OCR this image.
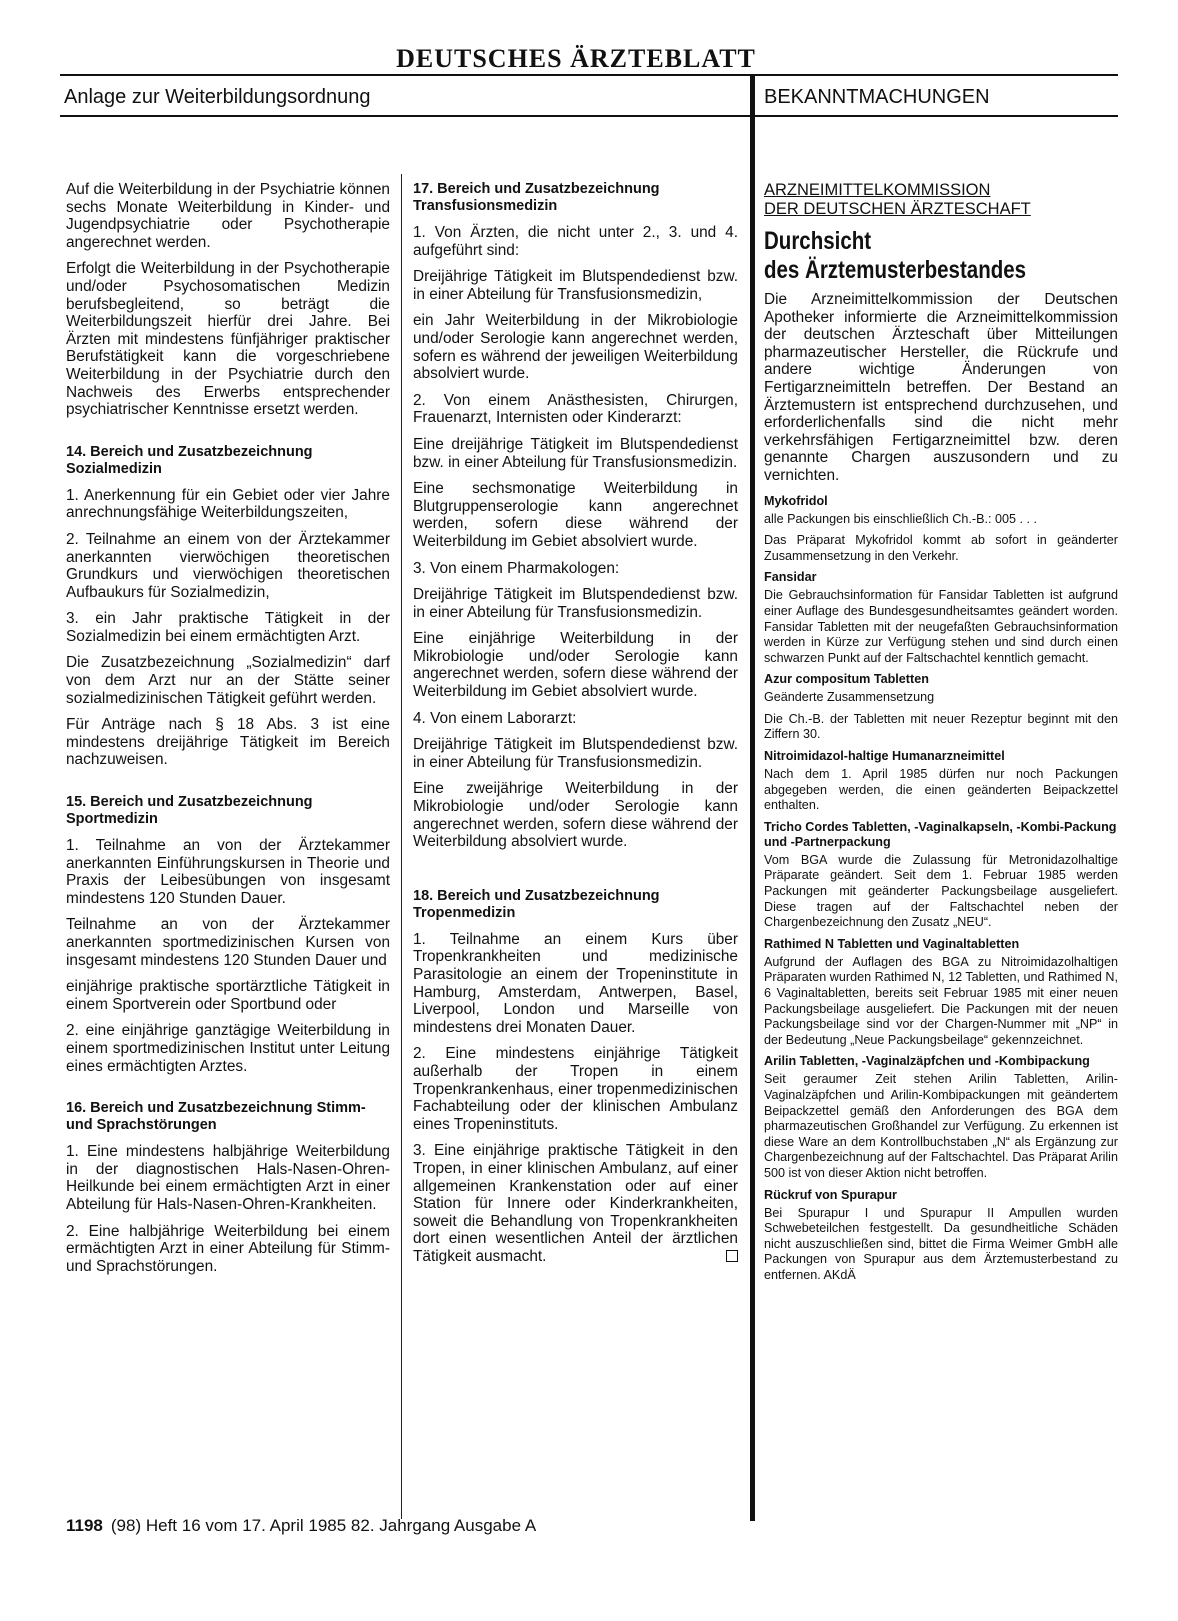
DEUTSCHES ÄRZTEBLATT
Anlage zur Weiterbildungsordnung	BEKANNTMACHUNGEN

Auf die Weiterbildung in der Psychiatrie können sechs Monate Weiterbildung in Kinder- und Jugendpsychiatrie oder Psychotherapie angerechnet werden.

Erfolgt die Weiterbildung in der Psychotherapie und/oder Psychosomatischen Medizin berufsbegleitend, so beträgt die Weiterbildungszeit hierfür drei Jahre. Bei Ärzten mit mindestens fünfjähriger praktischer Berufstätigkeit kann die vorgeschriebene Weiterbildung in der Psychiatrie durch den Nachweis des Erwerbs entsprechender psychiatrischer Kenntnisse ersetzt werden.

14. Bereich und Zusatzbezeichnung Sozialmedizin

1. Anerkennung für ein Gebiet oder vier Jahre anrechnungsfähige Weiterbildungszeiten,

2. Teilnahme an einem von der Ärztekammer anerkannten vierwöchigen theoretischen Grundkurs und vierwöchigen theoretischen Aufbaukurs für Sozialmedizin,

3. ein Jahr praktische Tätigkeit in der Sozialmedizin bei einem ermächtigten Arzt.

Die Zusatzbezeichnung „Sozialmedizin“ darf von dem Arzt nur an der Stätte seiner sozialmedizinischen Tätigkeit geführt werden.

Für Anträge nach § 18 Abs. 3 ist eine mindestens dreijährige Tätigkeit im Bereich nachzuweisen.

15. Bereich und Zusatzbezeichnung Sportmedizin

1. Teilnahme an von der Ärztekammer anerkannten Einführungskursen in Theorie und Praxis der Leibesübungen von insgesamt mindestens 120 Stunden Dauer.

Teilnahme an von der Ärztekammer anerkannten sportmedizinischen Kursen von insgesamt mindestens 120 Stunden Dauer und

einjährige praktische sportärztliche Tätigkeit in einem Sportverein oder Sportbund oder

2. eine einjährige ganztägige Weiterbildung in einem sportmedizinischen Institut unter Leitung eines ermächtigten Arztes.

16. Bereich und Zusatzbezeichnung Stimm- und Sprachstörungen

1. Eine mindestens halbjährige Weiterbildung in der diagnostischen Hals-Nasen-Ohren-Heilkunde bei einem ermächtigten Arzt in einer Abteilung für Hals-Nasen-Ohren-Krankheiten.

2. Eine halbjährige Weiterbildung bei einem ermächtigten Arzt in einer Abteilung für Stimm- und Sprachstörungen.

17. Bereich und Zusatzbezeichnung Transfusionsmedizin

1. Von Ärzten, die nicht unter 2., 3. und 4. aufgeführt sind:

Dreijährige Tätigkeit im Blutspendedienst bzw. in einer Abteilung für Transfusionsmedizin,

ein Jahr Weiterbildung in der Mikrobiologie und/oder Serologie kann angerechnet werden, sofern es während der jeweiligen Weiterbildung absolviert wurde.

2. Von einem Anästhesisten, Chirurgen, Frauenarzt, Internisten oder Kinderarzt:

Eine dreijährige Tätigkeit im Blutspendedienst bzw. in einer Abteilung für Transfusionsmedizin.

Eine sechsmonatige Weiterbildung in Blutgruppenserologie kann angerechnet werden, sofern diese während der Weiterbildung im Gebiet absolviert wurde.

3. Von einem Pharmakologen:

Dreijährige Tätigkeit im Blutspendedienst bzw. in einer Abteilung für Transfusionsmedizin.

Eine einjährige Weiterbildung in der Mikrobiologie und/oder Serologie kann angerechnet werden, sofern diese während der Weiterbildung im Gebiet absolviert wurde.

4. Von einem Laborarzt:

Dreijährige Tätigkeit im Blutspendedienst bzw. in einer Abteilung für Transfusionsmedizin.

Eine zweijährige Weiterbildung in der Mikrobiologie und/oder Serologie kann angerechnet werden, sofern diese während der Weiterbildung absolviert wurde.

18. Bereich und Zusatzbezeichnung Tropenmedizin

1. Teilnahme an einem Kurs über Tropenkrankheiten und medizinische Parasitologie an einem der Tropeninstitute in Hamburg, Amsterdam, Antwerpen, Basel, Liverpool, London und Marseille von mindestens drei Monaten Dauer.

2. Eine mindestens einjährige Tätigkeit außerhalb der Tropen in einem Tropenkrankenhaus, einer tropenmedizinischen Fachabteilung oder der klinischen Ambulanz eines Tropeninstituts.

3. Eine einjährige praktische Tätigkeit in den Tropen, in einer klinischen Ambulanz, auf einer allgemeinen Krankenstation oder auf einer Station für Innere oder Kinderkrankheiten, soweit die Behandlung von Tropenkrankheiten dort einen wesentlichen Anteil der ärztlichen Tätigkeit ausmacht.

ARZNEIMITTELKOMMISSION
DER DEUTSCHEN ÄRZTESCHAFT
Durchsicht
des Ärztemusterbestandes

Die Arzneimittelkommission der Deutschen Apotheker informierte die Arzneimittelkommission der deutschen Ärzteschaft über Mitteilungen pharmazeutischer Hersteller, die Rückrufe und andere wichtige Änderungen von Fertigarzneimitteln betreffen. Der Bestand an Ärztemustern ist entsprechend durchzusehen, und erforderlichenfalls sind die nicht mehr verkehrsfähigen Fertigarzneimittel bzw. deren genannte Chargen auszusondern und zu vernichten.

Mykofridol

alle Packungen bis einschließlich Ch.-B.: 005 . . .

Das Präparat Mykofridol kommt ab sofort in geänderter Zusammensetzung in den Verkehr.

Fansidar

Die Gebrauchsinformation für Fansidar Tabletten ist aufgrund einer Auflage des Bundesgesundheitsamtes geändert worden. Fansidar Tabletten mit der neugefaßten Gebrauchsinformation werden in Kürze zur Verfügung stehen und sind durch einen schwarzen Punkt auf der Faltschachtel kenntlich gemacht.

Azur compositum Tabletten

Geänderte Zusammensetzung

Die Ch.-B. der Tabletten mit neuer Rezeptur beginnt mit den Ziffern 30.

Nitroimidazol-haltige Humanarzneimittel

Nach dem 1. April 1985 dürfen nur noch Packungen abgegeben werden, die einen geänderten Beipackzettel enthalten.

Tricho Cordes Tabletten, -Vaginalkapseln, -Kombi-Packung und -Partnerpackung

Vom BGA wurde die Zulassung für Metronidazolhaltige Präparate geändert. Seit dem 1. Februar 1985 werden Packungen mit geänderter Packungsbeilage ausgeliefert. Diese tragen auf der Faltschachtel neben der Chargenbezeichnung den Zusatz „NEU“.

Rathimed N Tabletten und Vaginaltabletten

Aufgrund der Auflagen des BGA zu Nitroimidazolhaltigen Präparaten wurden Rathimed N, 12 Tabletten, und Rathimed N, 6 Vaginaltabletten, bereits seit Februar 1985 mit einer neuen Packungsbeilage ausgeliefert. Die Packungen mit der neuen Packungsbeilage sind vor der Chargen-Nummer mit „NP“ in der Bedeutung „Neue Packungsbeilage“ gekennzeichnet.

Arilin Tabletten, -Vaginalzäpfchen und -Kombipackung

Seit geraumer Zeit stehen Arilin Tabletten, Arilin-Vaginalzäpfchen und Arilin-Kombipackungen mit geändertem Beipackzettel gemäß den Anforderungen des BGA dem pharmazeutischen Großhandel zur Verfügung. Zu erkennen ist diese Ware an dem Kontrollbuchstaben „N“ als Ergänzung zur Chargenbezeichnung auf der Faltschachtel. Das Präparat Arilin 500 ist von dieser Aktion nicht betroffen.

Rückruf von Spurapur

Bei Spurapur I und Spurapur II Ampullen wurden Schwebeteilchen festgestellt. Da gesundheitliche Schäden nicht auszuschließen sind, bittet die Firma Weimer GmbH alle Packungen von Spurapur aus dem Ärztemusterbestand zu entfernen. AKdÄ

1198 (98) Heft 16 vom 17. April 1985 82. Jahrgang Ausgabe A
